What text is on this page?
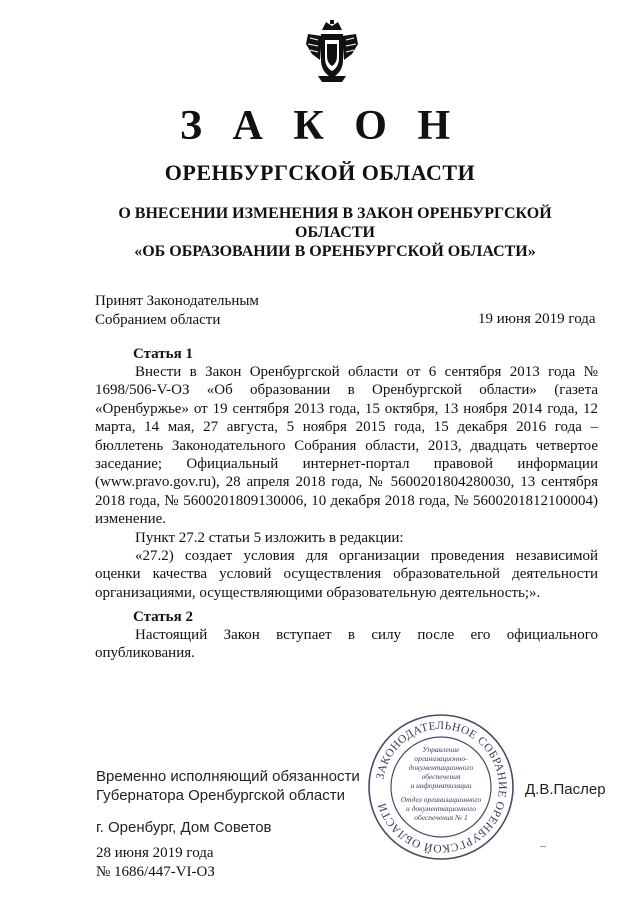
З А К О Н
ОРЕНБУРГСКОЙ ОБЛАСТИ
О ВНЕСЕНИИ ИЗМЕНЕНИЯ В ЗАКОН ОРЕНБУРГСКОЙ ОБЛАСТИ
«ОБ ОБРАЗОВАНИИ В ОРЕНБУРГСКОЙ ОБЛАСТИ»
Принят Законодательным
Собранием области	19 июня 2019 года
Статья 1

Внести в Закон Оренбургской области от 6 сентября 2013 года № 1698/506-V-ОЗ «Об образовании в Оренбургской области» (газета «Оренбуржье» от 19 сентября 2013 года, 15 октября, 13 ноября 2014 года, 12 марта, 14 мая, 27 августа, 5 ноября 2015 года, 15 декабря 2016 года – бюллетень Законодательного Собрания области, 2013, двадцать четвертое заседание; Официальный интернет-портал правовой информации (www.pravo.gov.ru), 28 апреля 2018 года, № 5600201804280030, 13 сентября 2018 года, № 5600201809130006, 10 декабря 2018 года, № 5600201812100004) изменение.

Пункт 27.2 статьи 5 изложить в редакции:

«27.2) создает условия для организации проведения независимой оценки качества условий осуществления образовательной деятельности организациями, осуществляющими образовательную деятельность;».

Статья 2

Настоящий Закон вступает в силу после его официального опубликования.

ЗАКОНОДАТЕЛЬНОЕ СОБРАНИЕ ОРЕНБУРГСКОЙ ОБЛАСТИ
Управление
организационно-
документационного
обеспечения
и информатизации
Отдел организационного
и документационного
обеспечения № 1
Временно исполняющий обязанности
Губернатора Оренбургской области	Д.В.Паслер
г. Оренбург, Дом Советов
28 июня 2019 года
№ 1686/447-VI-ОЗ
